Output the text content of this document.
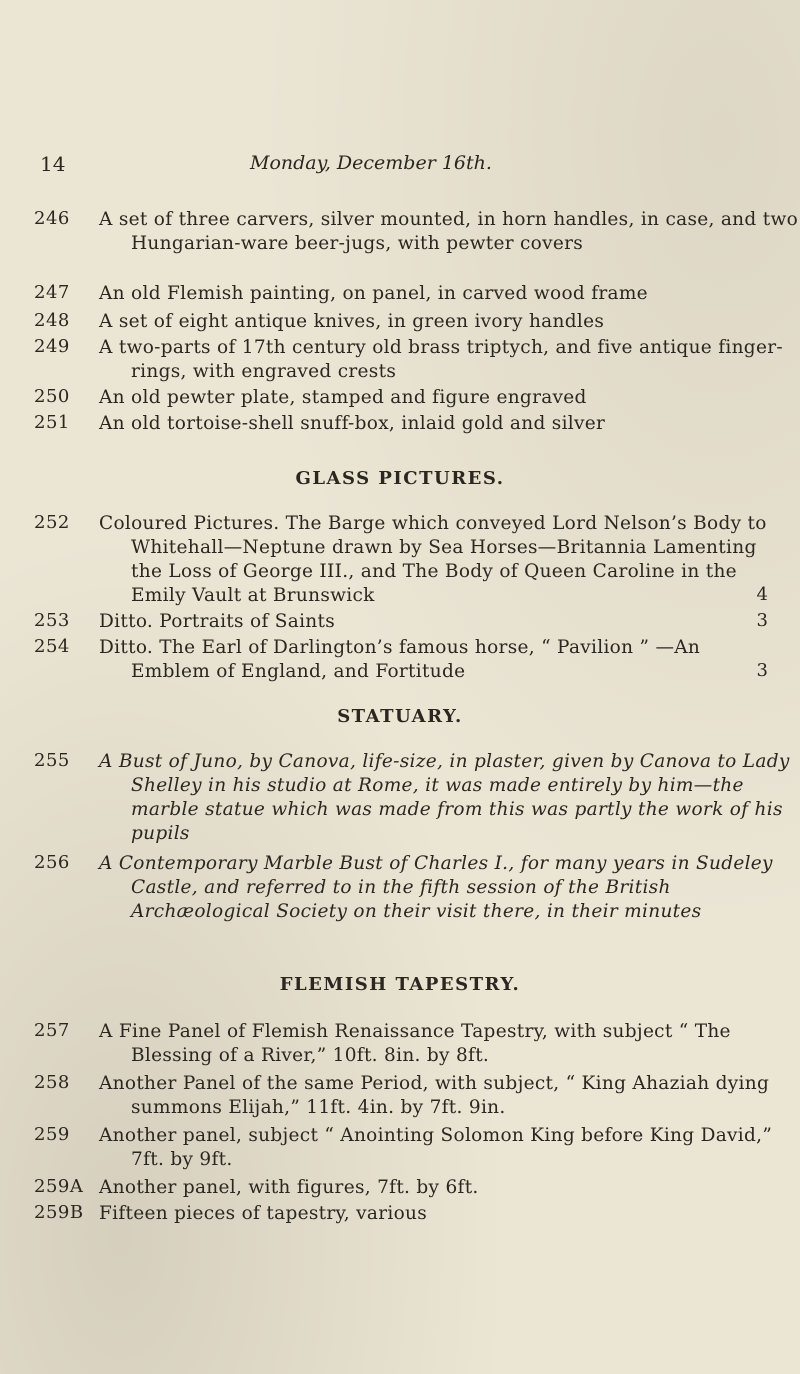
14	Monday, December 16th.
246	A set of three carvers, silver mounted, in horn handles, in case, and two Hungarian-ware beer-jugs, with pewter covers
247	An old Flemish painting, on panel, in carved wood frame
248	A set of eight antique knives, in green ivory handles
249	A two-parts of 17th century old brass triptych, and five antique finger-rings, with engraved crests
250	An old pewter plate, stamped and figure engraved
251	An old tortoise-shell snuff-box, inlaid gold and silver
GLASS PICTURES.
252	Coloured Pictures. The Barge which conveyed Lord Nelson’s Body to Whitehall—Neptune drawn by Sea Horses—Britannia Lamenting the Loss of George III., and The Body of Queen Caroline in the Emily Vault at Brunswick	4
253	Ditto. Portraits of Saints	3
254	Ditto. The Earl of Darlington’s famous horse, “ Pavilion ” —An Emblem of England, and Fortitude	3
STATUARY.
255	A Bust of Juno, by Canova, life-size, in plaster, given by Canova to Lady Shelley in his studio at Rome, it was made entirely by him—the marble statue which was made from this was partly the work of his pupils
256	A Contemporary Marble Bust of Charles I., for many years in Sudeley Castle, and referred to in the fifth session of the British Archæological Society on their visit there, in their minutes
FLEMISH TAPESTRY.
257	A Fine Panel of Flemish Renaissance Tapestry, with subject “ The Blessing of a River,” 10ft. 8in. by 8ft.
258	Another Panel of the same Period, with subject, “ King Ahaziah dying summons Elijah,” 11ft. 4in. by 7ft. 9in.
259	Another panel, subject “ Anointing Solomon King before King David,” 7ft. by 9ft.
259A Another panel, with figures, 7ft. by 6ft.
259B Fifteen pieces of tapestry, various
